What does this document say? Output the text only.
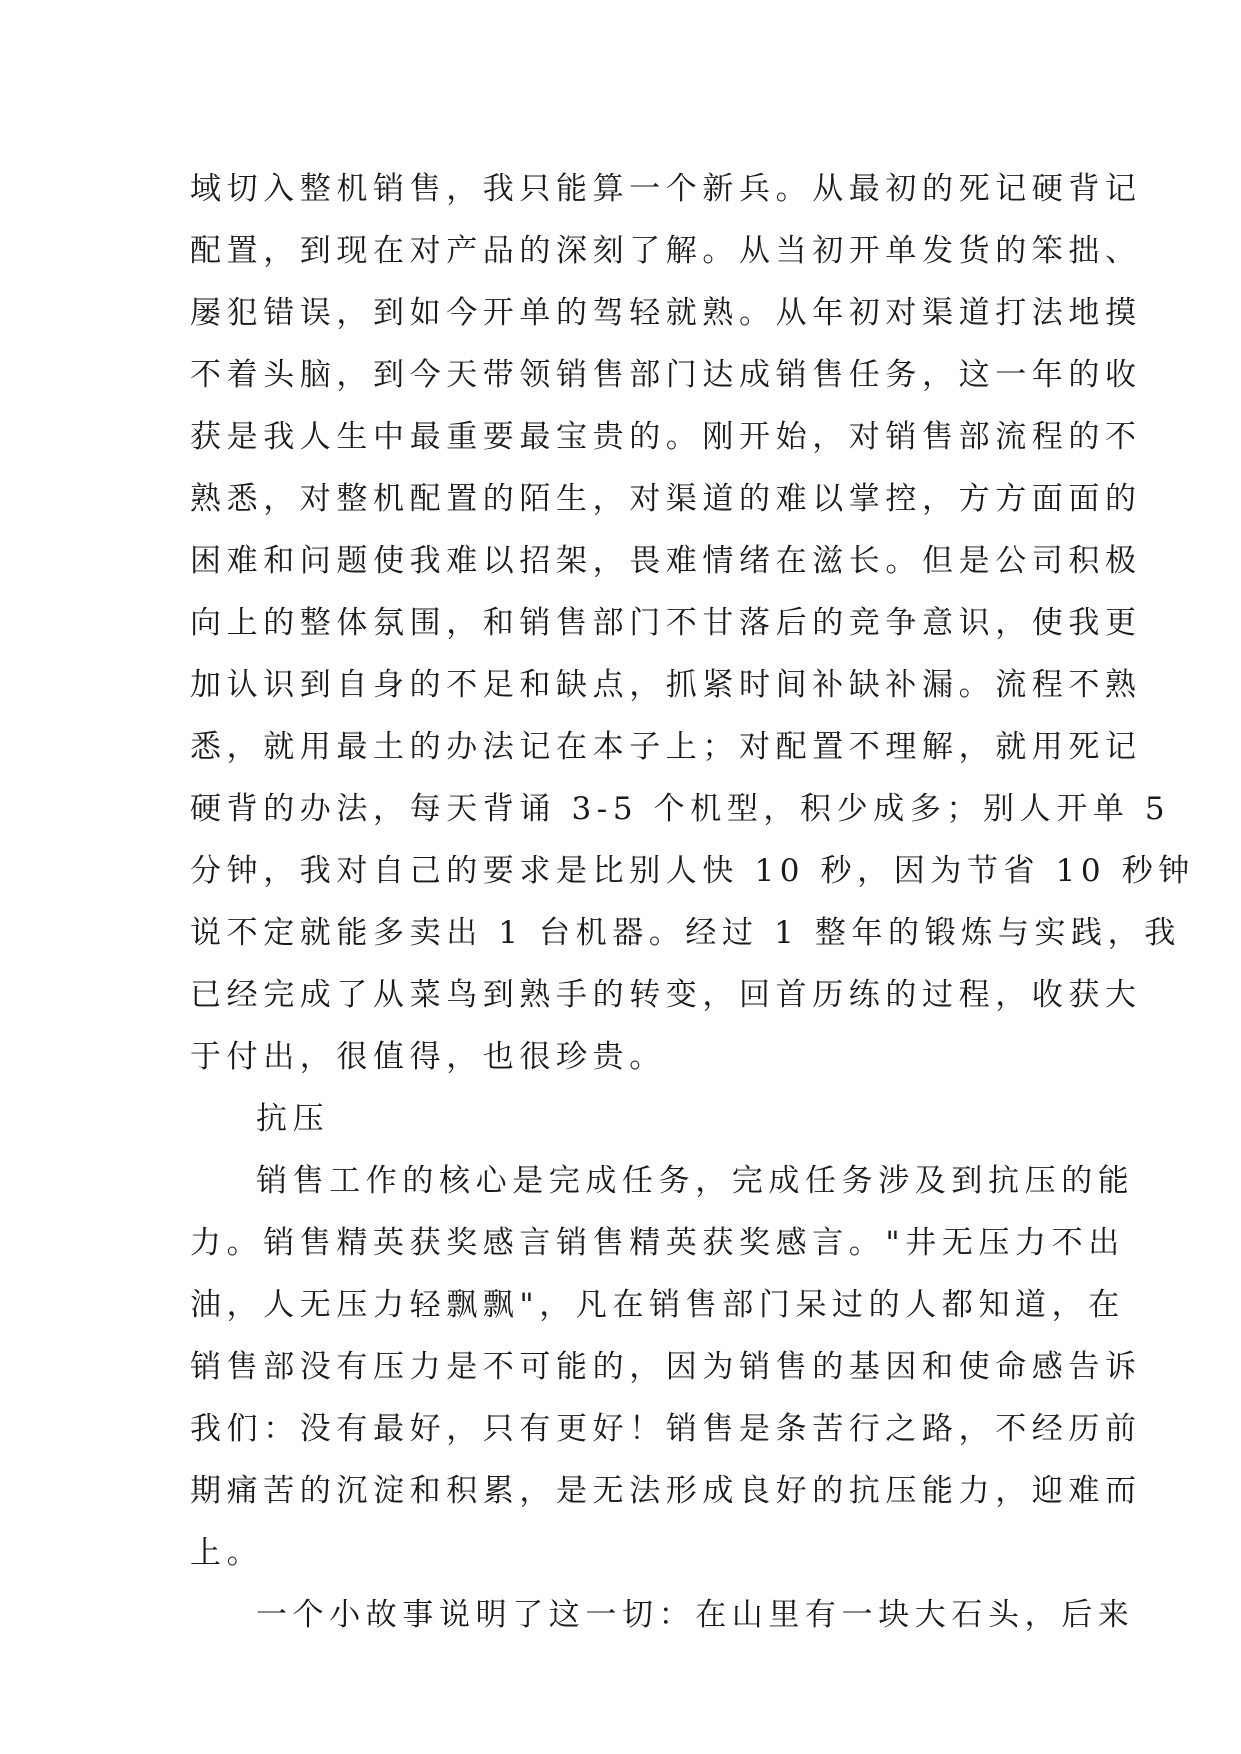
域切入整机销售，我只能算一个新兵。从最初的死记硬背记
配置，到现在对产品的深刻了解。从当初开单发货的笨拙、
屡犯错误，到如今开单的驾轻就熟。从年初对渠道打法地摸
不着头脑，到今天带领销售部门达成销售任务，这一年的收
获是我人生中最重要最宝贵的。刚开始，对销售部流程的不
熟悉，对整机配置的陌生，对渠道的难以掌控，方方面面的
困难和问题使我难以招架，畏难情绪在滋长。但是公司积极
向上的整体氛围，和销售部门不甘落后的竞争意识，使我更
加认识到自身的不足和缺点，抓紧时间补缺补漏。流程不熟
悉，就用最土的办法记在本子上；对配置不理解，就用死记
硬背的办法，每天背诵 3-5 个机型，积少成多；别人开单 5
分钟，我对自己的要求是比别人快 10 秒，因为节省 10 秒钟
说不定就能多卖出 1 台机器。经过 1 整年的锻炼与实践，我
已经完成了从菜鸟到熟手的转变，回首历练的过程，收获大
于付出，很值得，也很珍贵。
抗压
销售工作的核心是完成任务，完成任务涉及到抗压的能
力。销售精英获奖感言销售精英获奖感言。"井无压力不出
油，人无压力轻飘飘"，凡在销售部门呆过的人都知道，在
销售部没有压力是不可能的，因为销售的基因和使命感告诉
我们：没有最好，只有更好！销售是条苦行之路，不经历前
期痛苦的沉淀和积累，是无法形成良好的抗压能力，迎难而
上。
一个小故事说明了这一切：在山里有一块大石头，后来
